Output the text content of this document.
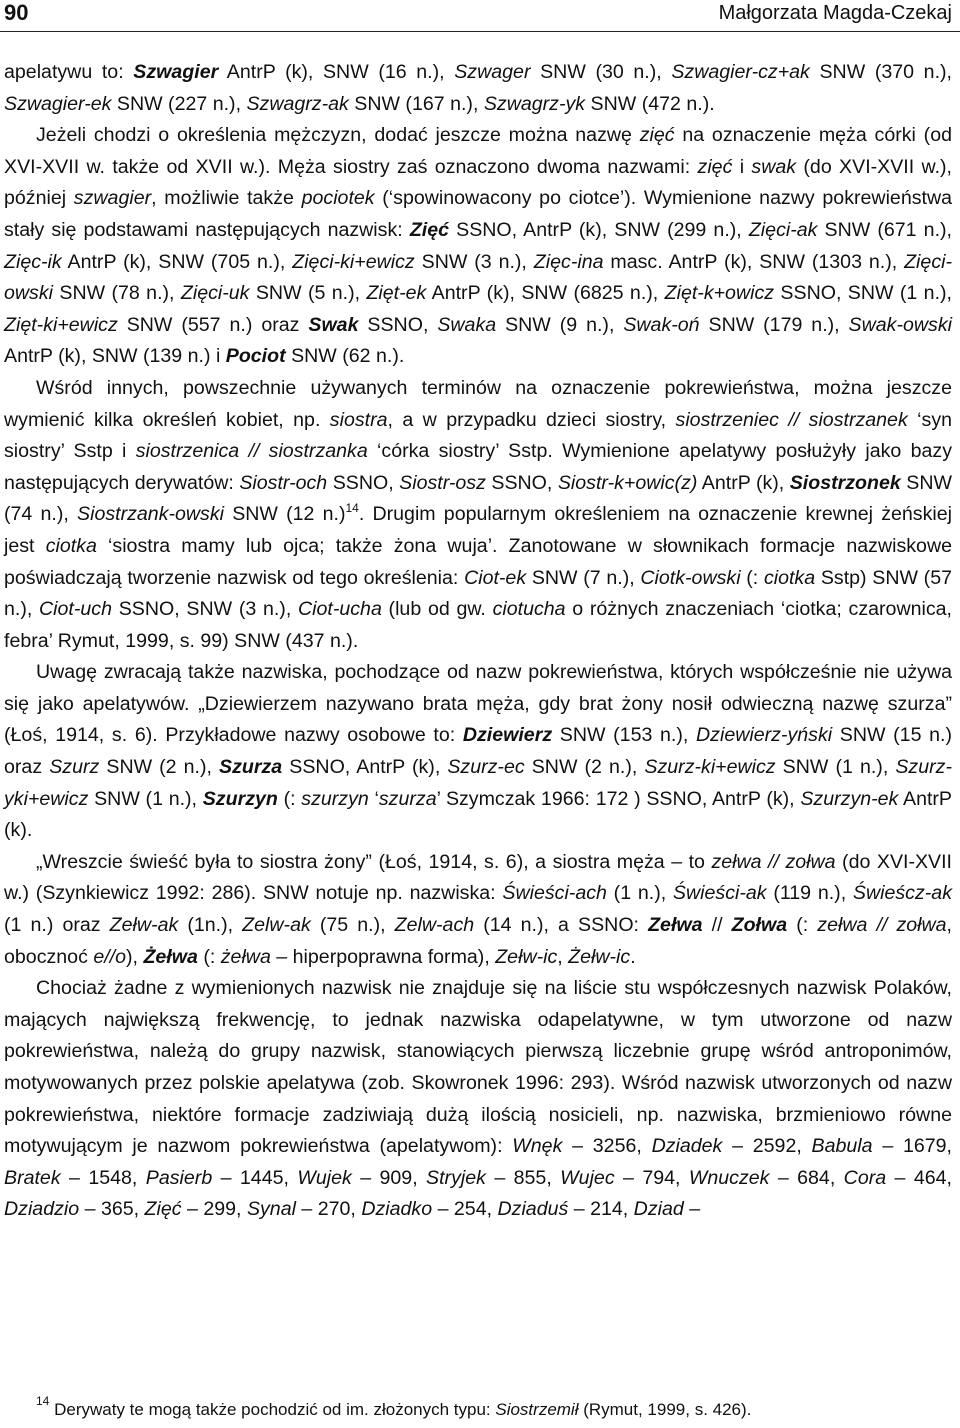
90	Małgorzata Magda-Czekaj

apelatywu to: Szwagier AntrP (k), SNW (16 n.), Szwager SNW (30 n.), Szwagier-cz+ak SNW (370 n.), Szwagier-ek SNW (227 n.), Szwagrz-ak SNW (167 n.), Szwagrz-yk SNW (472 n.).

Jeżeli chodzi o określenia mężczyzn, dodać jeszcze można nazwę zięć na oznaczenie męża córki (od XVI-XVII w. także od XVII w.). Męża siostry zaś oznaczono dwoma nazwami: zięć i swak (do XVI-XVII w.), później szwagier, możliwie także pociotek (‘spowinowacony po ciotce’). Wymienione nazwy pokrewieństwa stały się podstawami następujących nazwisk: Zięć SSNO, AntrP (k), SNW (299 n.), Zięci-ak SNW (671 n.), Zięc-ik AntrP (k), SNW (705 n.), Zięci-ki+ewicz SNW (3 n.), Zięc-ina masc. AntrP (k), SNW (1303 n.), Zięci-owski SNW (78 n.), Zięci-uk SNW (5 n.), Zięt-ek AntrP (k), SNW (6825 n.), Zięt-k+owicz SSNO, SNW (1 n.), Zięt-ki+ewicz SNW (557 n.) oraz Swak SSNO, Swaka SNW (9 n.), Swak-oń SNW (179 n.), Swak-owski AntrP (k), SNW (139 n.) i Pociot SNW (62 n.).

Wśród innych, powszechnie używanych terminów na oznaczenie pokrewieństwa, można jeszcze wymienić kilka określeń kobiet, np. siostra, a w przypadku dzieci siostry, siostrzeniec // siostrzanek ‘syn siostry’ Sstp i siostrzenica // siostrzanka ‘córka siostry’ Sstp. Wymienione apelatywy posłużyły jako bazy następujących derywatów: Siostr-och SSNO, Siostr-osz SSNO, Siostr-k+owic(z) AntrP (k), Siostrzonek SNW (74 n.), Siostrzank-owski SNW (12 n.)$^{14}$. Drugim popularnym określeniem na oznaczenie krewnej żeńskiej jest ciotka ‘siostra mamy lub ojca; także żona wuja’. Zanotowane w słownikach formacje nazwiskowe poświadczają tworzenie nazwisk od tego określenia: Ciot-ek SNW (7 n.), Ciotk-owski (: ciotka Sstp) SNW (57 n.), Ciot-uch SSNO, SNW (3 n.), Ciot-ucha (lub od gw. ciotucha o różnych znaczeniach ‘ciotka; czarownica, febra’ Rymut, 1999, s. 99) SNW (437 n.).

Uwagę zwracają także nazwiska, pochodzące od nazw pokrewieństwa, których współcześnie nie używa się jako apelatywów. „Dziewierzem nazywano brata męża, gdy brat żony nosił odwieczną nazwę szurza” (Łoś, 1914, s. 6). Przykładowe nazwy osobowe to: Dziewierz SNW (153 n.), Dziewierz-yński SNW (15 n.) oraz Szurz SNW (2 n.), Szurza SSNO, AntrP (k), Szurz-ec SNW (2 n.), Szurz-ki+ewicz SNW (1 n.), Szurz-yki+ewicz SNW (1 n.), Szurzyn (: szurzyn ‘szurza’ Szymczak 1966: 172 ) SSNO, AntrP (k), Szurzyn-ek AntrP (k).

„Wreszcie świeść była to siostra żony” (Łoś, 1914, s. 6), a siostra męża – to zełwa // zołwa (do XVI-XVII w.) (Szynkiewicz 1992: 286). SNW notuje np. nazwiska: Świeści-ach (1 n.), Świeści-ak (119 n.), Świeścz-ak (1 n.) oraz Zełw-ak (1n.), Zelw-ak (75 n.), Zelw-ach (14 n.), a SSNO: Zełwa // Zołwa (: zełwa // zołwa, obocznoć e//o), Żełwa (: żełwa – hiperpoprawna forma), Zełw-ic, Żełw-ic.

Chociaż żadne z wymienionych nazwisk nie znajduje się na liście stu współczesnych nazwisk Polaków, mających największą frekwencję, to jednak nazwiska odapelatywne, w tym utworzone od nazw pokrewieństwa, należą do grupy nazwisk, stanowiących pierwszą liczebnie grupę wśród antroponimów, motywowanych przez polskie apelatywa (zob. Skowronek 1996: 293). Wśród nazwisk utworzonych od nazw pokrewieństwa, niektóre formacje zadziwiają dużą ilością nosicieli, np. nazwiska, brzmieniowo równe motywującym je nazwom pokrewieństwa (apelatywom): Wnęk – 3256, Dziadek – 2592, Babula – 1679, Bratek – 1548, Pasierb – 1445, Wujek – 909, Stryjek – 855, Wujec – 794, Wnuczek – 684, Cora – 464, Dziadzio – 365, Zięć – 299, Synal – 270, Dziadko – 254, Dziaduś – 214, Dziad –

$^{14}$ Derywaty te mogą także pochodzić od im. złożonych typu: Siostrzemił (Rymut, 1999, s. 426).
